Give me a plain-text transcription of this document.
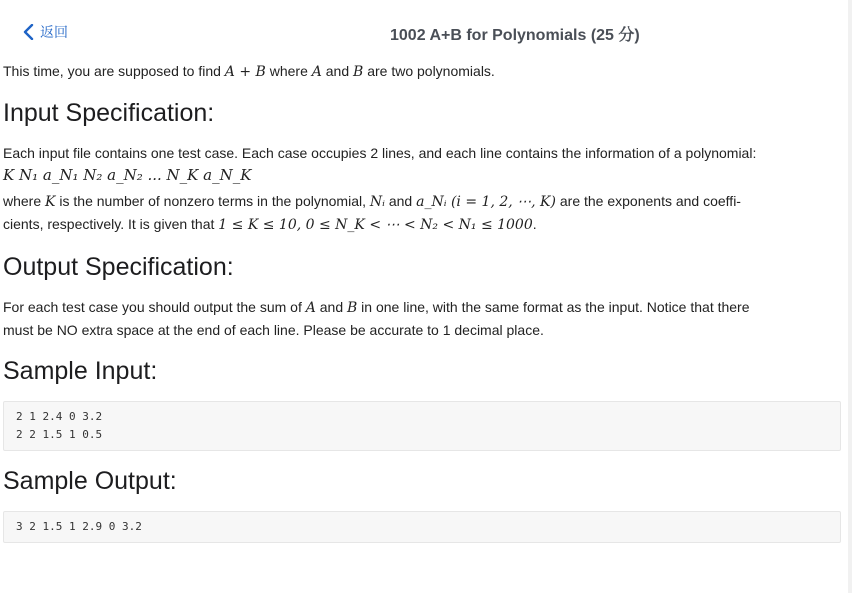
返回	1002 A+B for Polynomials (25 分)

This time, you are supposed to find A + B where A and B are two polynomials.

Input Specification:

Each input file contains one test case. Each case occupies 2 lines, and each line contains the information of a polynomial:

K N₁ a_N₁ N₂ a_N₂ ... N_K a_N_K

where K is the number of nonzero terms in the polynomial, Nᵢ and a_Nᵢ (i = 1, 2, ⋯, K) are the exponents and coeffi-

cients, respectively. It is given that 1 ≤ K ≤ 10, 0 ≤ N_K < ⋯ < N₂ < N₁ ≤ 1000.

Output Specification:

For each test case you should output the sum of A and B in one line, with the same format as the input. Notice that there

must be NO extra space at the end of each line. Please be accurate to 1 decimal place.

Sample Input:
2 1 2.4 0 3.2
2 2 1.5 1 0.5
Sample Output:
3 2 1.5 1 2.9 0 3.2
